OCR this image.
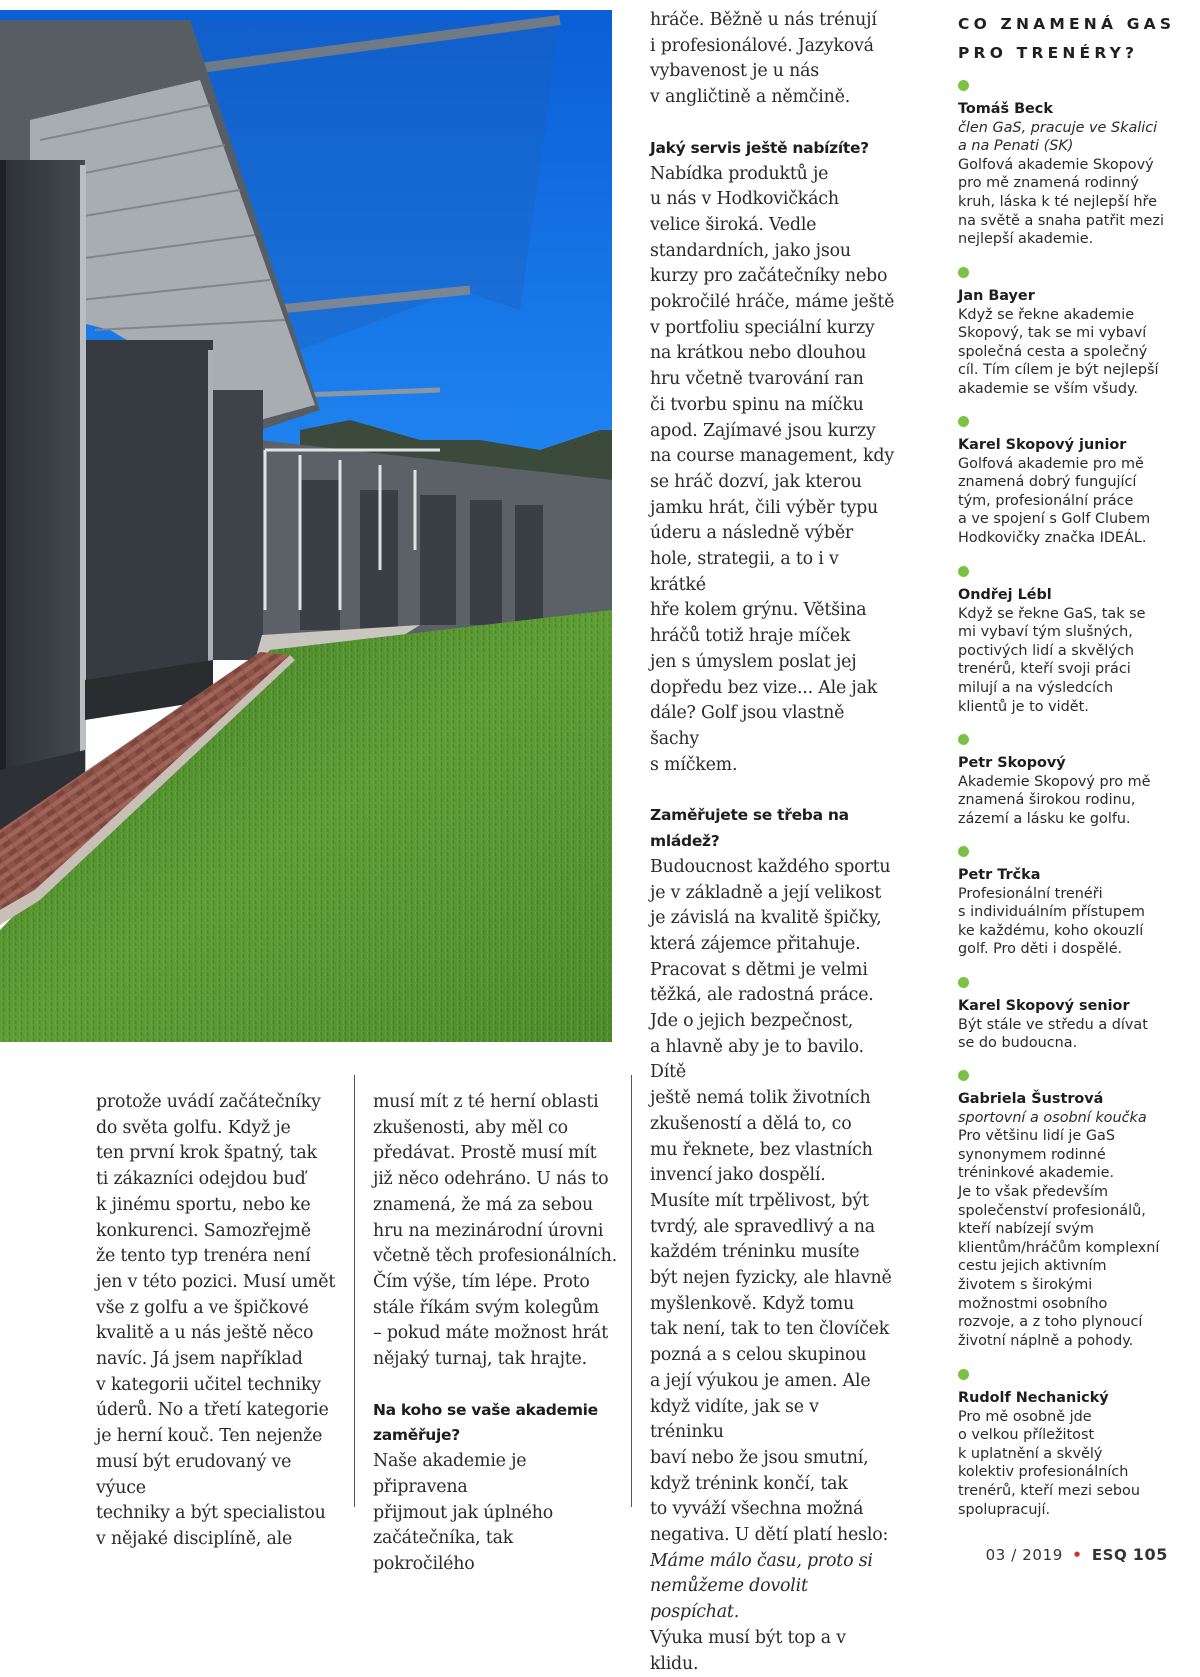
protože uvádí začátečníky
do světa golfu. Když je
ten první krok špatný, tak
ti zákazníci odejdou buď
k jinému sportu, nebo ke
konkurenci. Samozřejmě
že tento typ trenéra není
jen v této pozici. Musí umět
vše z golfu a ve špičkové
kvalitě a u nás ještě něco
navíc. Já jsem například
v kategorii učitel techniky
úderů. No a třetí kategorie
je herní kouč. Ten nejenže
musí být erudovaný ve výuce
techniky a být specialistou
v nějaké disciplíně, ale

musí mít z té herní oblasti
zkušenosti, aby měl co
předávat. Prostě musí mít
již něco odehráno. U nás to
znamená, že má za sebou
hru na mezinárodní úrovni
včetně těch profesionálních.
Čím výše, tím lépe. Proto
stále říkám svým kolegům
– pokud máte možnost hrát
nějaký turnaj, tak hrajte.

Na koho se vaše akademie
zaměřuje?

Naše akademie je připravena
přijmout jak úplného
začátečníka, tak pokročilého

hráče. Běžně u nás trénují
i profesionálové. Jazyková
vybavenost je u nás
v angličtině a němčině.

Jaký servis ještě nabízíte?

Nabídka produktů je
u nás v Hodkovičkách
velice široká. Vedle
standardních, jako jsou
kurzy pro začátečníky nebo
pokročilé hráče, máme ještě
v portfoliu speciální kurzy
na krátkou nebo dlouhou
hru včetně tvarování ran
či tvorbu spinu na míčku
apod. Zajímavé jsou kurzy
na course management, kdy
se hráč dozví, jak kterou
jamku hrát, čili výběr typu
úderu a následně výběr
hole, strategii, a to i v krátké
hře kolem grýnu. Většina
hráčů totiž hraje míček
jen s úmyslem poslat jej
dopředu bez vize... Ale jak
dále? Golf jsou vlastně šachy
s míčkem.

Zaměřujete se třeba na
mládež?

Budoucnost každého sportu
je v základně a její velikost
je závislá na kvalitě špičky,
která zájemce přitahuje.
Pracovat s dětmi je velmi
těžká, ale radostná práce.
Jde o jejich bezpečnost,
a hlavně aby je to bavilo. Dítě
ještě nemá tolik životních
zkušeností a dělá to, co
mu řeknete, bez vlastních
invencí jako dospělí.
Musíte mít trpělivost, být
tvrdý, ale spravedlivý a na
každém tréninku musíte
být nejen fyzicky, ale hlavně
myšlenkově. Když tomu
tak není, tak to ten človíček
pozná a s celou skupinou
a její výukou je amen. Ale
když vidíte, jak se v tréninku
baví nebo že jsou smutní,
když trénink končí, tak
to vyváží všechna možná
negativa. U dětí platí heslo:

Máme málo času, proto si
nemůžeme dovolit pospíchat.

Výuka musí být top a v klidu.

CO ZNAMENÁ GAS
PRO TRENÉRY?
Tomáš Beck
člen GaS, pracuje ve Skalici
a na Penati (SK)
Golfová akademie Skopový
pro mě znamená rodinný
kruh, láska k té nejlepší hře
na světě a snaha patřit mezi
nejlepší akademie.
Jan Bayer
Když se řekne akademie
Skopový, tak se mi vybaví
společná cesta a společný
cíl. Tím cílem je být nejlepší
akademie se vším všudy.
Karel Skopový junior
Golfová akademie pro mě
znamená dobrý fungující
tým, profesionální práce
a ve spojení s Golf Clubem
Hodkovičky značka IDEÁL.
Ondřej Lébl
Když se řekne GaS, tak se
mi vybaví tým slušných,
poctivých lidí a skvělých
trenérů, kteří svoji práci
milují a na výsledcích
klientů je to vidět.
Petr Skopový
Akademie Skopový pro mě
znamená širokou rodinu,
zázemí a lásku ke golfu.
Petr Trčka
Profesionální trenéři
s individuálním přístupem
ke každému, koho okouzlí
golf. Pro děti i dospělé.
Karel Skopový senior
Být stále ve středu a dívat
se do budoucna.
Gabriela Šustrová
sportovní a osobní koučka
Pro většinu lidí je GaS
synonymem rodinné
tréninkové akademie.
Je to však především
společenství profesionálů,
kteří nabízejí svým
klientům/hráčům komplexní
cestu jejich aktivním
životem s širokými
možnostmi osobního
rozvoje, a z toho plynoucí
životní náplně a pohody.
Rudolf Nechanický
Pro mě osobně jde
o velkou příležitost
k uplatnění a skvělý
kolektiv profesionálních
trenérů, kteří mezi sebou
spolupracují.
03 / 2019 • ESQ 105
